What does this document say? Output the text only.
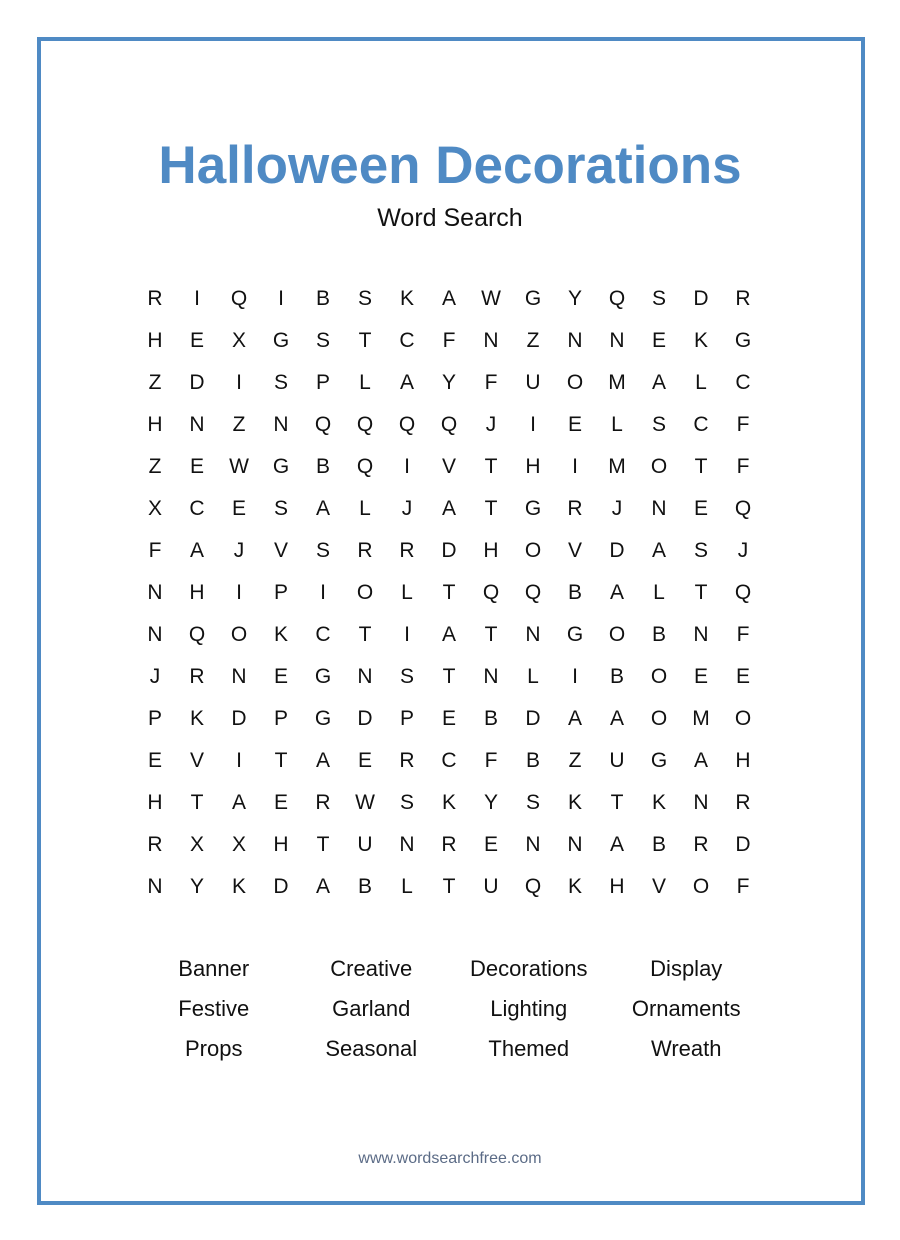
Halloween Decorations
Word Search
R	I	Q	I	B	S	K	A	W	G	Y	Q	S	D	R
H	E	X	G	S	T	C	F	N	Z	N	N	E	K	G
Z	D	I	S	P	L	A	Y	F	U	O	M	A	L	C
H	N	Z	N	Q	Q	Q	Q	J	I	E	L	S	C	F
Z	E	W	G	B	Q	I	V	T	H	I	M	O	T	F
X	C	E	S	A	L	J	A	T	G	R	J	N	E	Q
F	A	J	V	S	R	R	D	H	O	V	D	A	S	J
N	H	I	P	I	O	L	T	Q	Q	B	A	L	T	Q
N	Q	O	K	C	T	I	A	T	N	G	O	B	N	F
J	R	N	E	G	N	S	T	N	L	I	B	O	E	E
P	K	D	P	G	D	P	E	B	D	A	A	O	M	O
E	V	I	T	A	E	R	C	F	B	Z	U	G	A	H
H	T	A	E	R	W	S	K	Y	S	K	T	K	N	R
R	X	X	H	T	U	N	R	E	N	N	A	B	R	D
N	Y	K	D	A	B	L	T	U	Q	K	H	V	O	F
Banner	Creative	Decorations	Display
Festive	Garland	Lighting	Ornaments
Props	Seasonal	Themed	Wreath
www.wordsearchfree.com
